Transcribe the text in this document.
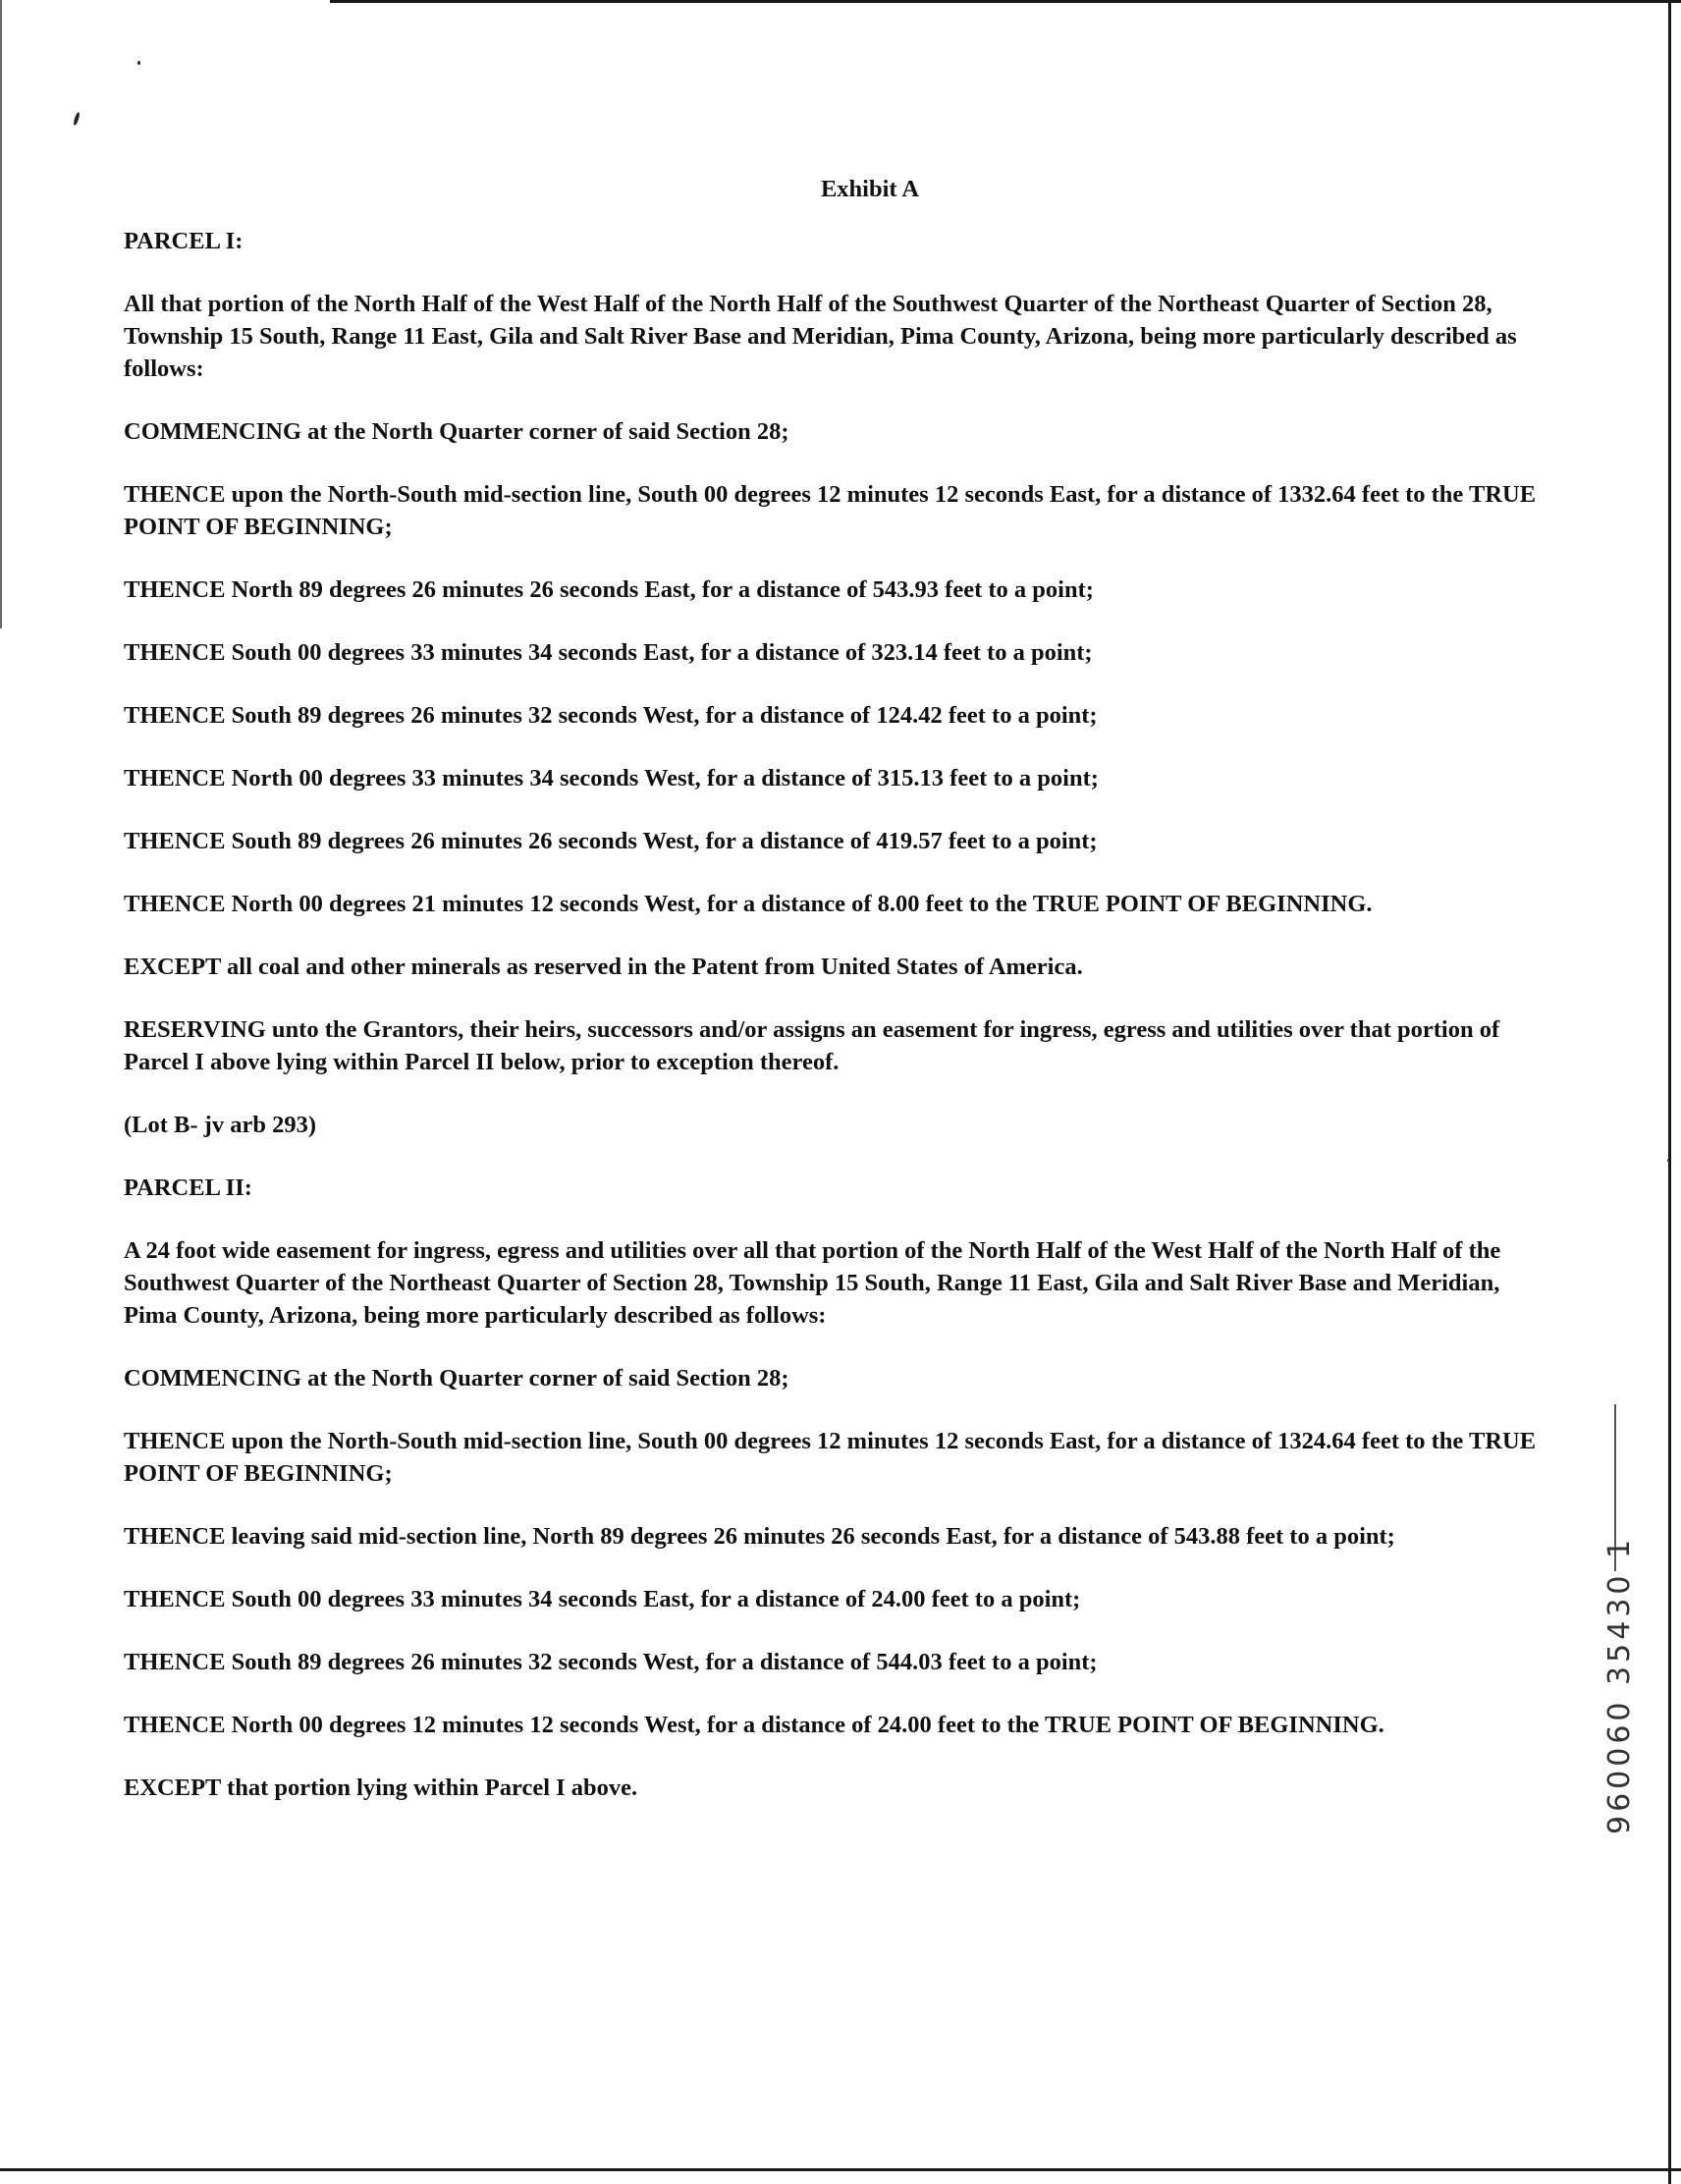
Exhibit A

PARCEL I:

All that portion of the North Half of the West Half of the North Half of the Southwest Quarter of the Northeast Quarter of Section 28, Township 15 South, Range 11 East, Gila and Salt River Base and Meridian, Pima County, Arizona, being more particularly described as follows:

COMMENCING at the North Quarter corner of said Section 28;

THENCE upon the North-South mid-section line, South 00 degrees 12 minutes 12 seconds East, for a distance of 1332.64 feet to the TRUE POINT OF BEGINNING;

THENCE North 89 degrees 26 minutes 26 seconds East, for a distance of 543.93 feet to a point;

THENCE South 00 degrees 33 minutes 34 seconds East, for a distance of 323.14 feet to a point;

THENCE South 89 degrees 26 minutes 32 seconds West, for a distance of 124.42 feet to a point;

THENCE North 00 degrees 33 minutes 34 seconds West, for a distance of 315.13 feet to a point;

THENCE South 89 degrees 26 minutes 26 seconds West, for a distance of 419.57 feet to a point;

THENCE North 00 degrees 21 minutes 12 seconds West, for a distance of 8.00 feet to the TRUE POINT OF BEGINNING.

EXCEPT all coal and other minerals as reserved in the Patent from United States of America.

RESERVING unto the Grantors, their heirs, successors and/or assigns an easement for ingress, egress and utilities over that portion of Parcel I above lying within Parcel II below, prior to exception thereof.

(Lot B- jv arb 293)

PARCEL II:

A 24 foot wide easement for ingress, egress and utilities over all that portion of the North Half of the West Half of the North Half of the Southwest Quarter of the Northeast Quarter of Section 28, Township 15 South, Range 11 East, Gila and Salt River Base and Meridian, Pima County, Arizona, being more particularly described as follows:

COMMENCING at the North Quarter corner of said Section 28;

THENCE upon the North-South mid-section line, South 00 degrees 12 minutes 12 seconds East, for a distance of 1324.64 feet to the TRUE POINT OF BEGINNING;

THENCE leaving said mid-section line, North 89 degrees 26 minutes 26 seconds East, for a distance of 543.88 feet to a point;

THENCE South 00 degrees 33 minutes 34 seconds East, for a distance of 24.00 feet to a point;

THENCE South 89 degrees 26 minutes 32 seconds West, for a distance of 544.03 feet to a point;

THENCE North 00 degrees 12 minutes 12 seconds West, for a distance of 24.00 feet to the TRUE POINT OF BEGINNING.

EXCEPT that portion lying within Parcel I above.	960060 35430 1
